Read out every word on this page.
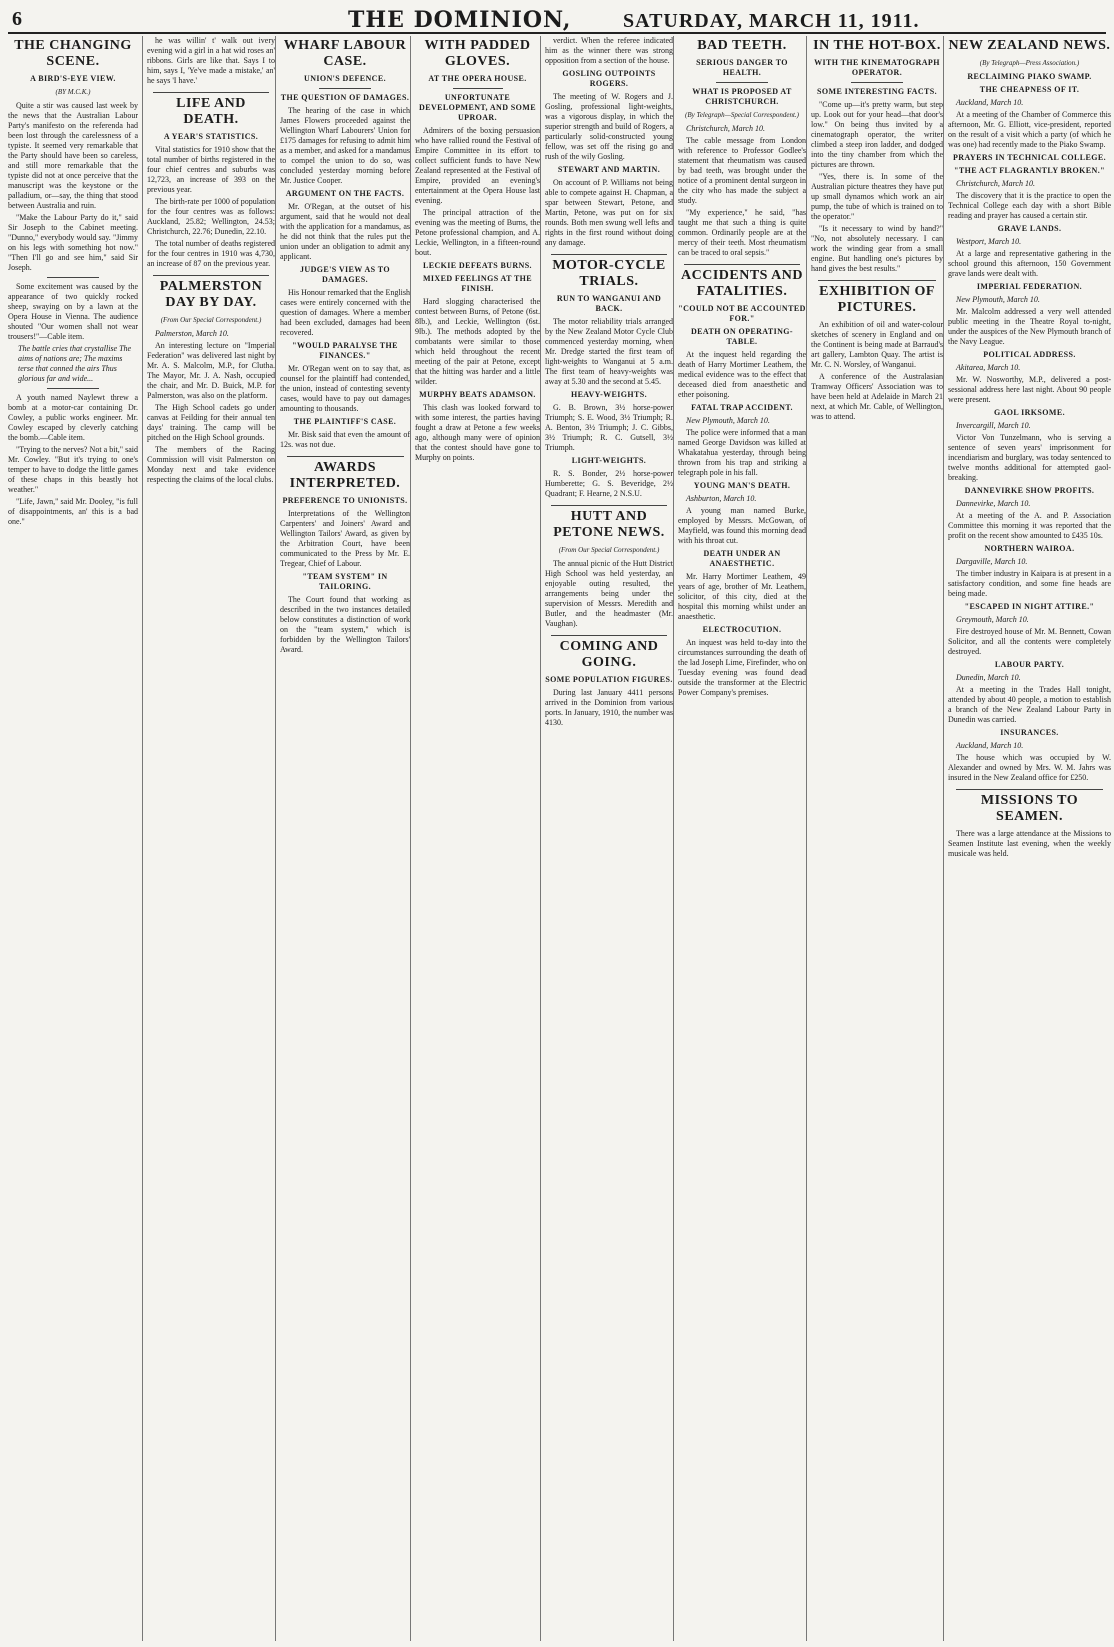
6	THE DOMINION,	SATURDAY, MARCH 11, 1911.
THE CHANGING SCENE.
A BIRD'S-EYE VIEW.
(BY M.C.K.)

Quite a stir was caused last week by the news that the Australian Labour Party's manifesto on the referenda had been lost through the carelessness of a typiste. It seemed very remarkable that the Party should have been so careless, and still more remarkable that the typiste did not at once perceive that the manuscript was the keystone or the palladium, or—say, the thing that stood between Australia and ruin.

"Make the Labour Party do it," said Sir Joseph to the Cabinet meeting. "Dunno," everybody would say. "Jimmy on his legs with something hot now." "Then I'll go and see him," said Sir Joseph.

Some excitement was caused by the appearance of two quickly rocked sheep, swaying on by a lawn at the Opera House in Vienna. The audience shouted "Our women shall not wear trousers!"—Cable item.

The battle cries that crystallise The aims of nations are; The maxims terse that conned the airs Thus glorious far and wide...

A youth named Naylewt threw a bomb at a motor-car containing Dr. Cowley, a public works engineer. Mr. Cowley escaped by cleverly catching the bomb.—Cable item.

"Trying to the nerves? Not a bit," said Mr. Cowley. "But it's trying to one's temper to have to dodge the little games of these chaps in this beastly hot weather."

"Life, Jawn," said Mr. Dooley, "is full of disappointments, an' this is a bad one."

he was willin' t' walk out ivery evening wid a girl in a hat wid roses an' ribbons. Girls are like that. Says I to him, says I, 'Ye've made a mistake,' an' he says 'I have.'

LIFE AND DEATH.
A YEAR'S STATISTICS.

Vital statistics for 1910 show that the total number of births registered in the four chief centres and suburbs was 12,723, an increase of 393 on the previous year.

The birth-rate per 1000 of population for the four centres was as follows: Auckland, 25.82; Wellington, 24.53; Christchurch, 22.76; Dunedin, 22.10.

The total number of deaths registered for the four centres in 1910 was 4,730, an increase of 87 on the previous year.

PALMERSTON DAY BY DAY.
(From Our Special Correspondent.)

Palmerston, March 10.

An interesting lecture on "Imperial Federation" was delivered last night by Mr. A. S. Malcolm, M.P., for Clutha. The Mayor, Mr. J. A. Nash, occupied the chair, and Mr. D. Buick, M.P. for Palmerston, was also on the platform.

The High School cadets go under canvas at Feilding for their annual ten days' training. The camp will be pitched on the High School grounds.

The members of the Racing Commission will visit Palmerston on Monday next and take evidence respecting the claims of the local clubs.

WHARF LABOUR CASE.
UNION'S DEFENCE.
THE QUESTION OF DAMAGES.

The hearing of the case in which James Flowers proceeded against the Wellington Wharf Labourers' Union for £175 damages for refusing to admit him as a member, and asked for a mandamus to compel the union to do so, was concluded yesterday morning before Mr. Justice Cooper.

ARGUMENT ON THE FACTS.

Mr. O'Regan, at the outset of his argument, said that he would not deal with the application for a mandamus, as he did not think that the rules put the union under an obligation to admit any applicant.

JUDGE'S VIEW AS TO DAMAGES.

His Honour remarked that the English cases were entirely concerned with the question of damages. Where a member had been excluded, damages had been recovered.

"WOULD PARALYSE THE FINANCES."

Mr. O'Regan went on to say that, as counsel for the plaintiff had contended, the union, instead of contesting seventy cases, would have to pay out damages amounting to thousands.

THE PLAINTIFF'S CASE.

Mr. Bisk said that even the amount of 12s. was not due.

AWARDS INTERPRETED.
PREFERENCE TO UNIONISTS.

Interpretations of the Wellington Carpenters' and Joiners' Award and Wellington Tailors' Award, as given by the Arbitration Court, have been communicated to the Press by Mr. E. Tregear, Chief of Labour.

"TEAM SYSTEM" IN TAILORING.

The Court found that working as described in the two instances detailed below constitutes a distinction of work on the "team system," which is forbidden by the Wellington Tailors' Award.

WITH PADDED GLOVES.
AT THE OPERA HOUSE.
UNFORTUNATE DEVELOPMENT, AND SOME UPROAR.

Admirers of the boxing persuasion who have rallied round the Festival of Empire Committee in its effort to collect sufficient funds to have New Zealand represented at the Festival of Empire, provided an evening's entertainment at the Opera House last evening.

The principal attraction of the evening was the meeting of Burns, the Petone professional champion, and A. Leckie, Wellington, in a fifteen-round bout.

LECKIE DEFEATS BURNS.
MIXED FEELINGS AT THE FINISH.

Hard slogging characterised the contest between Burns, of Petone (6st. 8lb.), and Leckie, Wellington (6st. 9lb.). The methods adopted by the combatants were similar to those which held throughout the recent meeting of the pair at Petone, except that the hitting was harder and a little wilder.

MURPHY BEATS ADAMSON.

This clash was looked forward to with some interest, the parties having fought a draw at Petone a few weeks ago, although many were of opinion that the contest should have gone to Murphy on points.

verdict. When the referee indicated him as the winner there was strong opposition from a section of the house.

GOSLING OUTPOINTS ROGERS.

The meeting of W. Rogers and J. Gosling, professional light-weights, was a vigorous display, in which the superior strength and build of Rogers, a particularly solid-constructed young fellow, was set off the rising go and rush of the wily Gosling.

STEWART AND MARTIN.

On account of P. Williams not being able to compete against H. Chapman, a spar between Stewart, Petone, and Martin, Petone, was put on for six rounds. Both men swung well lefts and rights in the first round without doing any damage.

MOTOR-CYCLE TRIALS.
RUN TO WANGANUI AND BACK.

The motor reliability trials arranged by the New Zealand Motor Cycle Club commenced yesterday morning, when Mr. Dredge started the first team of light-weights to Wanganui at 5 a.m. The first team of heavy-weights was away at 5.30 and the second at 5.45.

HEAVY-WEIGHTS.

G. B. Brown, 3½ horse-power Triumph; S. E. Wood, 3½ Triumph; R. A. Benton, 3½ Triumph; J. C. Gibbs, 3½ Triumph; R. C. Gutsell, 3½ Triumph.

LIGHT-WEIGHTS.

R. S. Bonder, 2½ horse-power Humberette; G. S. Beveridge, 2½ Quadrant; F. Hearne, 2 N.S.U.

HUTT AND PETONE NEWS.
(From Our Special Correspondent.)

The annual picnic of the Hutt District High School was held yesterday, an enjoyable outing resulted, the arrangements being under the supervision of Messrs. Meredith and Butler, and the headmaster (Mr. Vaughan).

COMING AND GOING.
SOME POPULATION FIGURES.

During last January 4411 persons arrived in the Dominion from various ports. In January, 1910, the number was 4130.

BAD TEETH.
SERIOUS DANGER TO HEALTH.
WHAT IS PROPOSED AT CHRISTCHURCH.
(By Telegraph—Special Correspondent.)

Christchurch, March 10.

The cable message from London with reference to Professor Godlee's statement that rheumatism was caused by bad teeth, was brought under the notice of a prominent dental surgeon in the city who has made the subject a study.

"My experience," he said, "has taught me that such a thing is quite common. Ordinarily people are at the mercy of their teeth. Most rheumatism can be traced to oral sepsis."

ACCIDENTS AND FATALITIES.
"COULD NOT BE ACCOUNTED FOR."
DEATH ON OPERATING-TABLE.

At the inquest held regarding the death of Harry Mortimer Leathem, the medical evidence was to the effect that deceased died from anaesthetic and ether poisoning.

FATAL TRAP ACCIDENT.

New Plymouth, March 10.

The police were informed that a man named George Davidson was killed at Whakatahua yesterday, through being thrown from his trap and striking a telegraph pole in his fall.

YOUNG MAN'S DEATH.

Ashburton, March 10.

A young man named Burke, employed by Messrs. McGowan, of Mayfield, was found this morning dead with his throat cut.

DEATH UNDER AN ANAESTHETIC.

Mr. Harry Mortimer Leathem, 49 years of age, brother of Mr. Leathem, solicitor, of this city, died at the hospital this morning whilst under an anaesthetic.

ELECTROCUTION.

An inquest was held to-day into the circumstances surrounding the death of the lad Joseph Lime, Firefinder, who on Tuesday evening was found dead outside the transformer at the Electric Power Company's premises.

IN THE HOT-BOX.
WITH THE KINEMATOGRAPH OPERATOR.
SOME INTERESTING FACTS.

"Come up—it's pretty warm, but step up. Look out for your head—that door's low." On being thus invited by a cinematograph operator, the writer climbed a steep iron ladder, and dodged into the tiny chamber from which the pictures are thrown.

"Yes, there is. In some of the Australian picture theatres they have put up small dynamos which work an air pump, the tube of which is trained on to the operator."

"Is it necessary to wind by hand?" "No, not absolutely necessary. I can work the winding gear from a small engine. But handling one's pictures by hand gives the best results."

EXHIBITION OF PICTURES.

An exhibition of oil and water-colour sketches of scenery in England and on the Continent is being made at Barraud's art gallery, Lambton Quay. The artist is Mr. C. N. Worsley, of Wanganui.

A conference of the Australasian Tramway Officers' Association was to have been held at Adelaide in March 21 next, at which Mr. Cable, of Wellington, was to attend.

NEW ZEALAND NEWS.
(By Telegraph—Press Association.)
RECLAIMING PIAKO SWAMP.
THE CHEAPNESS OF IT.

Auckland, March 10.

At a meeting of the Chamber of Commerce this afternoon, Mr. G. Elliott, vice-president, reported on the result of a visit which a party (of which he was one) had recently made to the Piako Swamp.

PRAYERS IN TECHNICAL COLLEGE.
"THE ACT FLAGRANTLY BROKEN."

Christchurch, March 10.

The discovery that it is the practice to open the Technical College each day with a short Bible reading and prayer has caused a certain stir.

GRAVE LANDS.

Westport, March 10.

At a large and representative gathering in the school ground this afternoon, 150 Government grave lands were dealt with.

IMPERIAL FEDERATION.

New Plymouth, March 10.

Mr. Malcolm addressed a very well attended public meeting in the Theatre Royal to-night, under the auspices of the New Plymouth branch of the Navy League.

POLITICAL ADDRESS.

Akitarea, March 10.

Mr. W. Nosworthy, M.P., delivered a post-sessional address here last night. About 90 people were present.

GAOL IRKSOME.

Invercargill, March 10.

Victor Von Tunzelmann, who is serving a sentence of seven years' imprisonment for incendiarism and burglary, was today sentenced to twelve months additional for attempted gaol-breaking.

DANNEVIRKE SHOW PROFITS.

Dannevirke, March 10.

At a meeting of the A. and P. Association Committee this morning it was reported that the profit on the recent show amounted to £435 10s.

NORTHERN WAIROA.

Dargaville, March 10.

The timber industry in Kaipara is at present in a satisfactory condition, and some fine heads are being made.

"ESCAPED IN NIGHT ATTIRE."

Greymouth, March 10.

Fire destroyed house of Mr. M. Bennett, Cowan Solicitor, and all the contents were completely destroyed.

LABOUR PARTY.

Dunedin, March 10.

At a meeting in the Trades Hall tonight, attended by about 40 people, a motion to establish a branch of the New Zealand Labour Party in Dunedin was carried.

INSURANCES.

Auckland, March 10.

The house which was occupied by W. Alexander and owned by Mrs. W. M. Jahrs was insured in the New Zealand office for £250.

MISSIONS TO SEAMEN.

There was a large attendance at the Missions to Seamen Institute last evening, when the weekly musicale was held.
